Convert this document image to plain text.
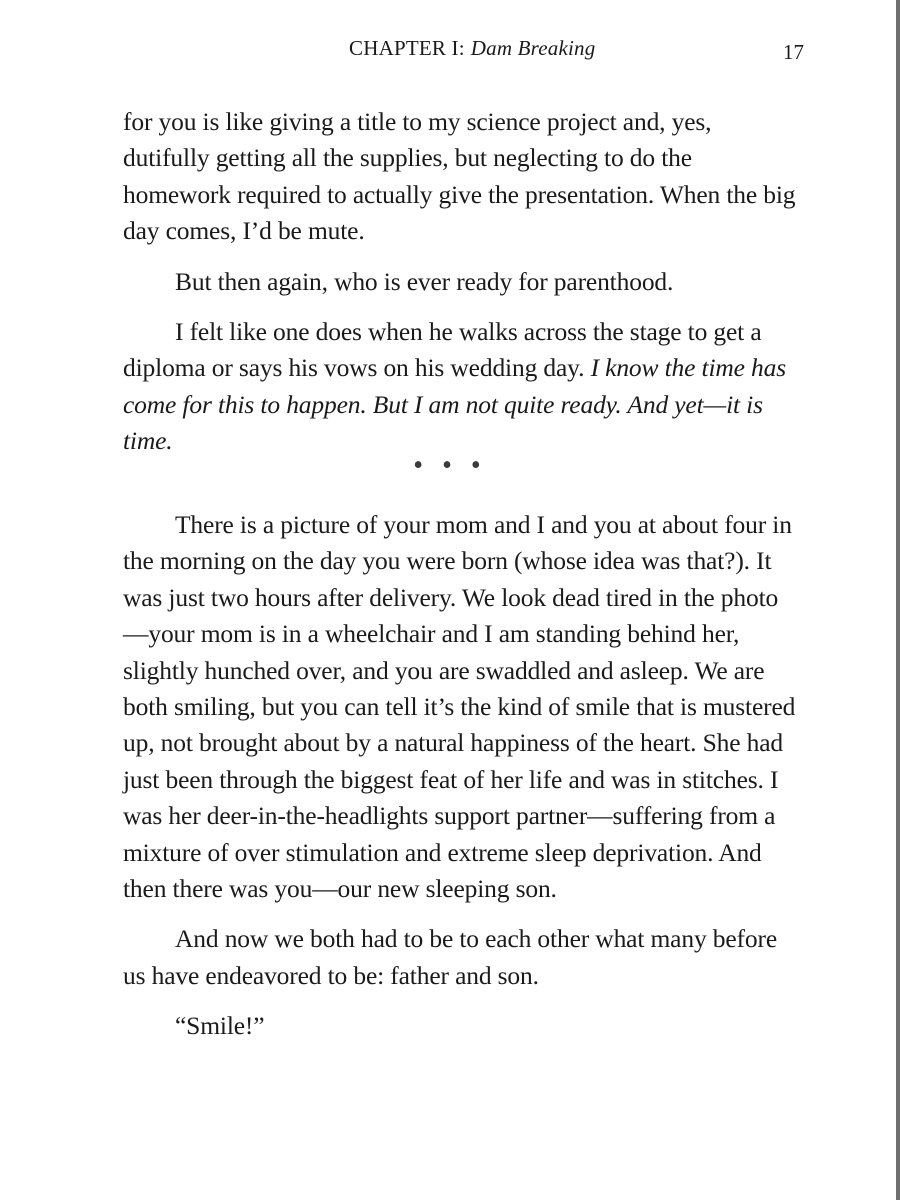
CHAPTER I: Dam Breaking	17

for you is like giving a title to my science project and, yes, dutifully getting all the supplies, but neglecting to do the homework required to actually give the presentation. When the big day comes, I’d be mute.

But then again, who is ever ready for parenthood.

I felt like one does when he walks across the stage to get a diploma or says his vows on his wedding day. I know the time has come for this to happen. But I am not quite ready. And yet—it is time.

• • •

There is a picture of your mom and I and you at about four in the morning on the day you were born (whose idea was that?). It was just two hours after delivery. We look dead tired in the photo—your mom is in a wheelchair and I am standing behind her, slightly hunched over, and you are swaddled and asleep. We are both smiling, but you can tell it’s the kind of smile that is mustered up, not brought about by a natural happiness of the heart. She had just been through the biggest feat of her life and was in stitches. I was her deer-in-the-headlights support partner—suffering from a mixture of over stimulation and extreme sleep deprivation. And then there was you—our new sleeping son.

And now we both had to be to each other what many before us have endeavored to be: father and son.

“Smile!”
